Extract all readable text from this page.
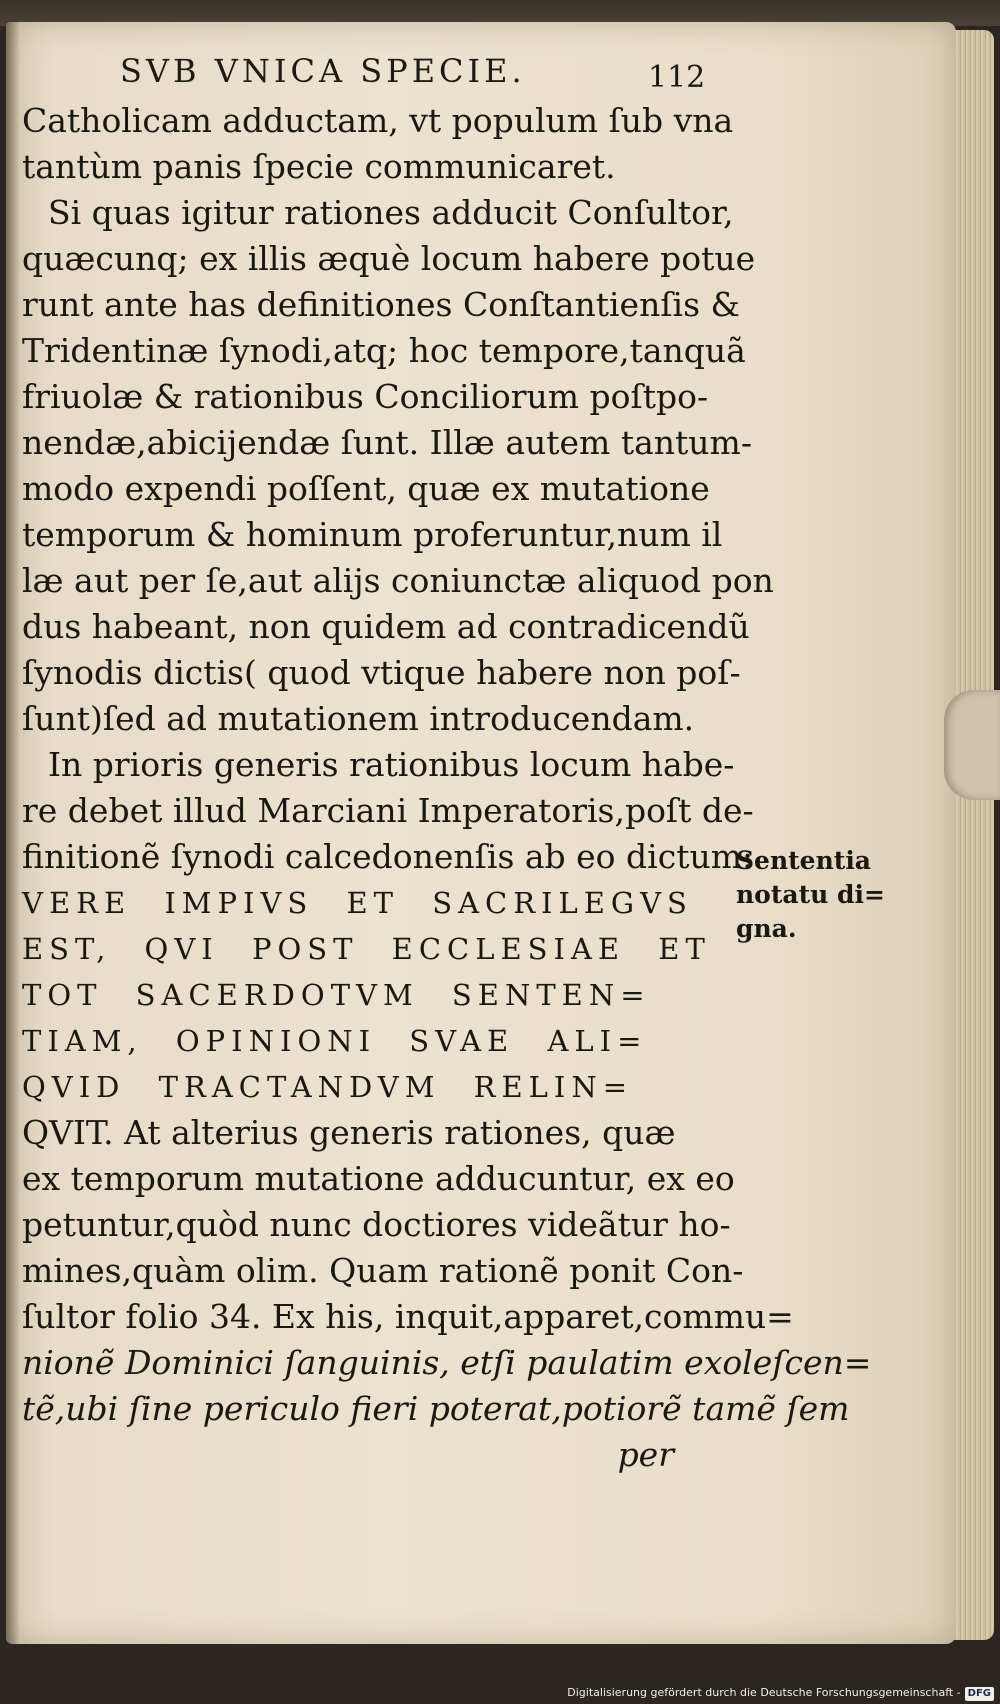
SVB VNICA SPECIE.	112
Catholicam adductam, vt populum ſub vna
tantùm panis ſpecie communicaret.
Si quas igitur rationes adducit Conſultor,
quæcunq; ex illis æquè locum habere potue
runt ante has definitiones Conſtantienſis &
Tridentinæ ſynodi,atq; hoc tempore,tanquã
friuolæ & rationibus Conciliorum poſtpo-
nendæ,abicijendæ ſunt. Illæ autem tantum-
modo expendi poſſent, quæ ex mutatione
temporum & hominum proferuntur,num il
læ aut per ſe,aut alijs coniunctæ aliquod pon
dus habeant, non quidem ad contradicendũ
ſynodis dictis( quod vtique habere non poſ-
ſunt)ſed ad mutationem introducendam.
In prioris generis rationibus locum habe-
re debet illud Marciani Imperatoris,poſt de-
finitionẽ ſynodi calcedonenſis ab eo dictum:
VERE IMPIVS ET SACRILEGVS
EST, QVI POST ECCLESIAE ET
TOT SACERDOTVM SENTEN=
TIAM, OPINIONI SVAE ALI=
QVID TRACTANDVM RELIN=
QVIT. At alterius generis rationes, quæ
ex temporum mutatione adducuntur, ex eo
petuntur,quòd nunc doctiores videãtur ho-
mines,quàm olim. Quam rationẽ ponit Con-
ſultor folio 34. Ex his, inquit,apparet,commu=
nionẽ Dominici ſanguinis, etſi paulatim exoleſcen=
tẽ,ubi ſine periculo fieri poterat,potiorẽ tamẽ ſem
per
Sententia
notatu di=
gna.
Digitalisierung gefördert durch die Deutsche Forschungsgemeinschaft - DFG
